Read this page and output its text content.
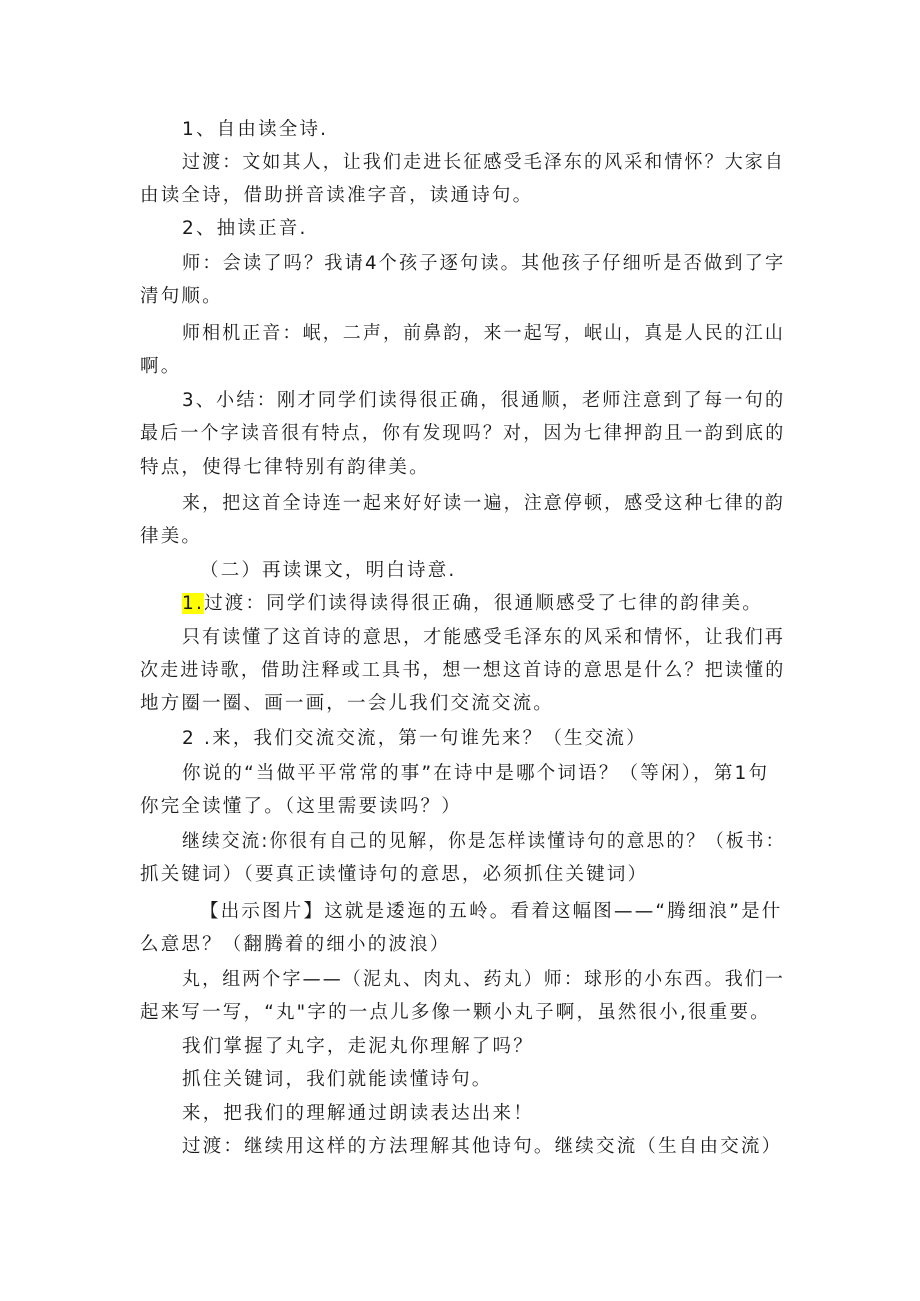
1、自由读全诗.
过渡：文如其人，让我们走进长征感受毛泽东的风采和情怀？大家自
由读全诗，借助拼音读准字音，读通诗句。
2、抽读正音.
师：会读了吗？我请4个孩子逐句读。其他孩子仔细听是否做到了字
清句顺。
师相机正音：岷，二声，前鼻韵，来一起写，岷山，真是人民的江山
啊。
3、小结：刚才同学们读得很正确，很通顺，老师注意到了每一句的
最后一个字读音很有特点，你有发现吗？对，因为七律押韵且一韵到底的
特点，使得七律特别有韵律美。
来，把这首全诗连一起来好好读一遍，注意停顿，感受这种七律的韵
律美。
（二）再读课文，明白诗意.
1.过渡：同学们读得读得很正确，很通顺感受了七律的韵律美。
只有读懂了这首诗的意思，才能感受毛泽东的风采和情怀，让我们再
次走进诗歌，借助注释或工具书，想一想这首诗的意思是什么？把读懂的
地方圈一圈、画一画，一会儿我们交流交流。
2 .来，我们交流交流，第一句谁先来？（生交流）
你说的“当做平平常常的事”在诗中是哪个词语？（等闲），第1句
你完全读懂了。（这里需要读吗？）
继续交流:你很有自己的见解，你是怎样读懂诗句的意思的？（板书：
抓关键词）（要真正读懂诗句的意思，必须抓住关键词）
【出示图片】这就是逶迤的五岭。看着这幅图——“腾细浪”是什
么意思？（翻腾着的细小的波浪）
丸，组两个字——（泥丸、肉丸、药丸）师：球形的小东西。我们一
起来写一写，“丸"字的一点儿多像一颗小丸子啊，虽然很小,很重要。
我们掌握了丸字，走泥丸你理解了吗？
抓住关键词，我们就能读懂诗句。
来，把我们的理解通过朗读表达出来！
过渡：继续用这样的方法理解其他诗句。继续交流（生自由交流）
